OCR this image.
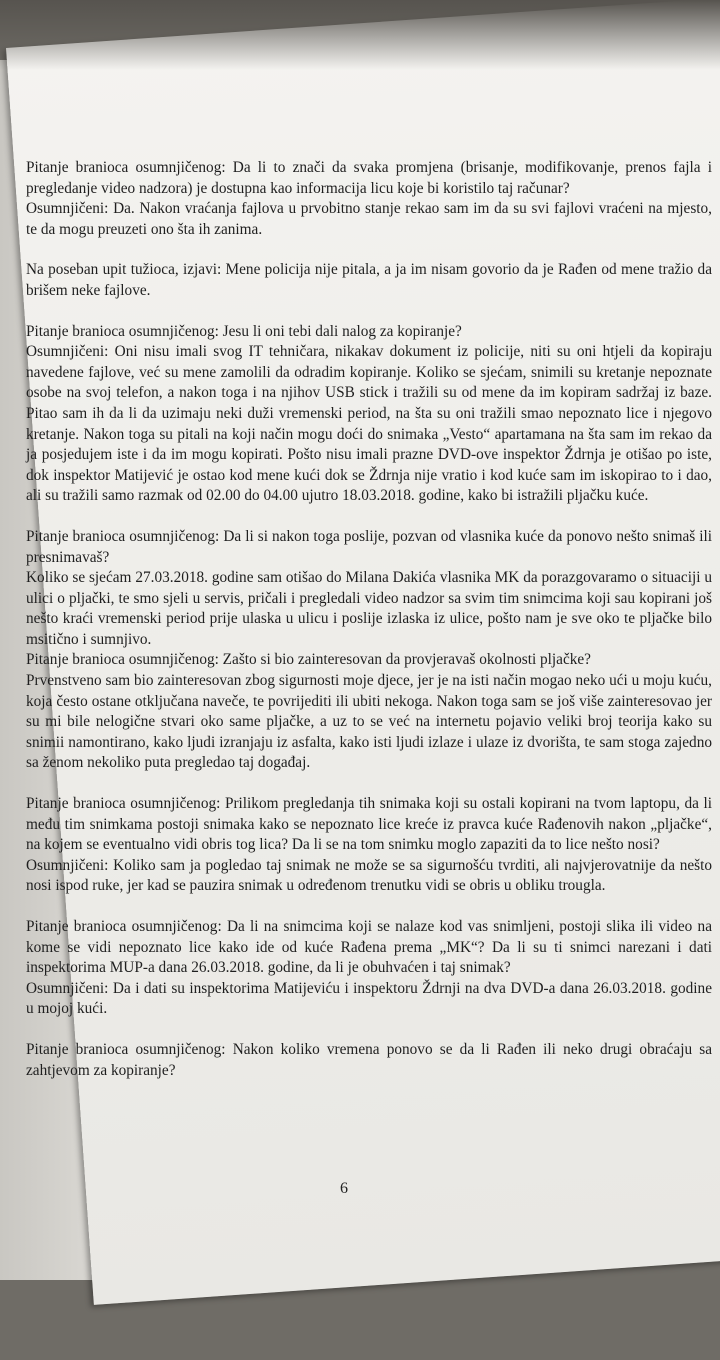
Pitanje branioca osumnjičenog: Da li to znači da svaka promjena (brisanje, modifikovanje, prenos fajla i pregledanje video nadzora) je dostupna kao informacija licu koje bi koristilo taj računar?

Osumnjičeni: Da. Nakon vraćanja fajlova u prvobitno stanje rekao sam im da su svi fajlovi vraćeni na mjesto, te da mogu preuzeti ono šta ih zanima.

Na poseban upit tužioca, izjavi: Mene policija nije pitala, a ja im nisam govorio da je Rađen od mene tražio da brišem neke fajlove.

Pitanje branioca osumnjičenog: Jesu li oni tebi dali nalog za kopiranje?

Osumnjičeni: Oni nisu imali svog IT tehničara, nikakav dokument iz policije, niti su oni htjeli da kopiraju navedene fajlove, već su mene zamolili da odradim kopiranje. Koliko se sjećam, snimili su kretanje nepoznate osobe na svoj telefon, a nakon toga i na njihov USB stick i tražili su od mene da im kopiram sadržaj iz baze. Pitao sam ih da li da uzimaju neki duži vremenski period, na šta su oni tražili smao nepoznato lice i njegovo kretanje. Nakon toga su pitali na koji način mogu doći do snimaka „Vesto“ apartamana na šta sam im rekao da ja posjedujem iste i da im mogu kopirati. Pošto nisu imali prazne DVD-ove inspektor Ždrnja je otišao po iste, dok inspektor Matijević je ostao kod mene kući dok se Ždrnja nije vratio i kod kuće sam im iskopirao to i dao, ali su tražili samo razmak od 02.00 do 04.00 ujutro 18.03.2018. godine, kako bi istražili pljačku kuće.

Pitanje branioca osumnjičenog: Da li si nakon toga poslije, pozvan od vlasnika kuće da ponovo nešto snimaš ili presnimavaš?

Koliko se sjećam 27.03.2018. godine sam otišao do Milana Dakića vlasnika MK da porazgovaramo o situaciji u ulici o pljački, te smo sjeli u servis, pričali i pregledali video nadzor sa svim tim snimcima koji sau kopirani još nešto kraći vremenski period prije ulaska u ulicu i poslije izlaska iz ulice, pošto nam je sve oko te pljačke bilo msitično i sumnjivo.

Pitanje branioca osumnjičenog: Zašto si bio zainteresovan da provjeravaš okolnosti pljačke?

Prvenstveno sam bio zainteresovan zbog sigurnosti moje djece, jer je na isti način mogao neko ući u moju kuću, koja često ostane otključana naveče, te povrijediti ili ubiti nekoga. Nakon toga sam se još više zainteresovao jer su mi bile nelogične stvari oko same pljačke, a uz to se već na internetu pojavio veliki broj teorija kako su snimii namontirano, kako ljudi izranjaju iz asfalta, kako isti ljudi izlaze i ulaze iz dvorišta, te sam stoga zajedno sa ženom nekoliko puta pregledao taj događaj.

Pitanje branioca osumnjičenog: Prilikom pregledanja tih snimaka koji su ostali kopirani na tvom laptopu, da li među tim snimkama postoji snimaka kako se nepoznato lice kreće iz pravca kuće Rađenovih nakon „pljačke“, na kojem se eventualno vidi obris tog lica? Da li se na tom snimku moglo zapaziti da to lice nešto nosi?

Osumnjičeni: Koliko sam ja pogledao taj snimak ne može se sa sigurnošću tvrditi, ali najvjerovatnije da nešto nosi ispod ruke, jer kad se pauzira snimak u određenom trenutku vidi se obris u obliku trougla.

Pitanje branioca osumnjičenog: Da li na snimcima koji se nalaze kod vas snimljeni, postoji slika ili video na kome se vidi nepoznato lice kako ide od kuće Rađena prema „MK“? Da li su ti snimci narezani i dati inspektorima MUP-a dana 26.03.2018. godine, da li je obuhvaćen i taj snimak?

Osumnjičeni: Da i dati su inspektorima Matijeviću i inspektoru Ždrnji na dva DVD-a dana 26.03.2018. godine u mojoj kući.

Pitanje branioca osumnjičenog: Nakon koliko vremena ponovo se da li Rađen ili neko drugi obraćaju sa zahtjevom za kopiranje?

6
